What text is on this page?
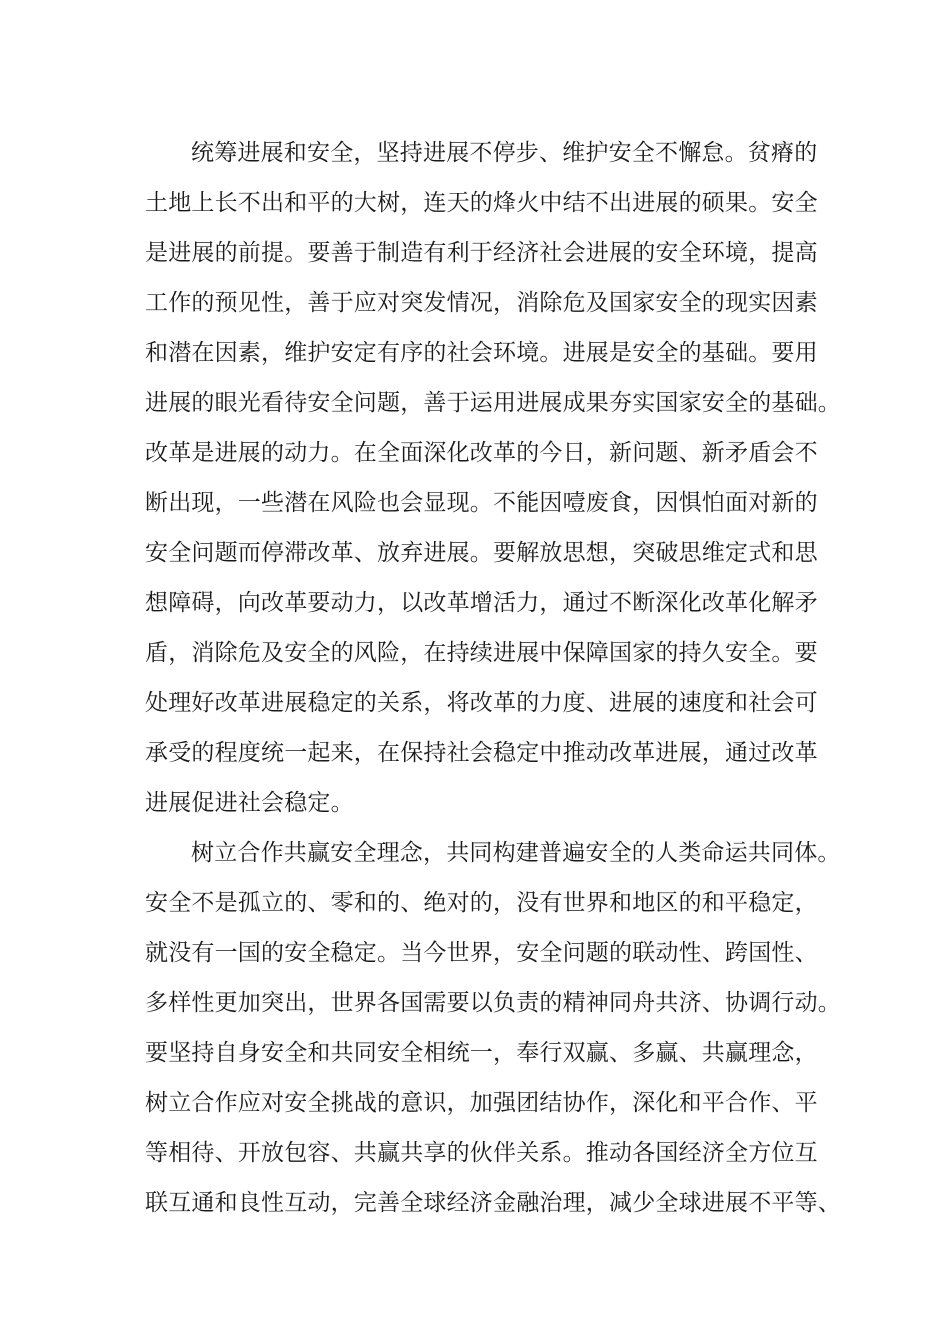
统筹进展和安全，坚持进展不停步、维护安全不懈怠。贫瘠的
土地上长不出和平的大树，连天的烽火中结不出进展的硕果。安全
是进展的前提。要善于制造有利于经济社会进展的安全环境，提高
工作的预见性，善于应对突发情况，消除危及国家安全的现实因素
和潜在因素，维护安定有序的社会环境。进展是安全的基础。要用
进展的眼光看待安全问题，善于运用进展成果夯实国家安全的基础。
改革是进展的动力。在全面深化改革的今日，新问题、新矛盾会不
断出现，一些潜在风险也会显现。不能因噎废食，因惧怕面对新的
安全问题而停滞改革、放弃进展。要解放思想，突破思维定式和思
想障碍，向改革要动力，以改革增活力，通过不断深化改革化解矛
盾，消除危及安全的风险，在持续进展中保障国家的持久安全。要
处理好改革进展稳定的关系，将改革的力度、进展的速度和社会可
承受的程度统一起来，在保持社会稳定中推动改革进展，通过改革
进展促进社会稳定。
树立合作共赢安全理念，共同构建普遍安全的人类命运共同体。
安全不是孤立的、零和的、绝对的，没有世界和地区的和平稳定，
就没有一国的安全稳定。当今世界，安全问题的联动性、跨国性、
多样性更加突出，世界各国需要以负责的精神同舟共济、协调行动。
要坚持自身安全和共同安全相统一，奉行双赢、多赢、共赢理念，
树立合作应对安全挑战的意识，加强团结协作，深化和平合作、平
等相待、开放包容、共赢共享的伙伴关系。推动各国经济全方位互
联互通和良性互动，完善全球经济金融治理，减少全球进展不平等、
